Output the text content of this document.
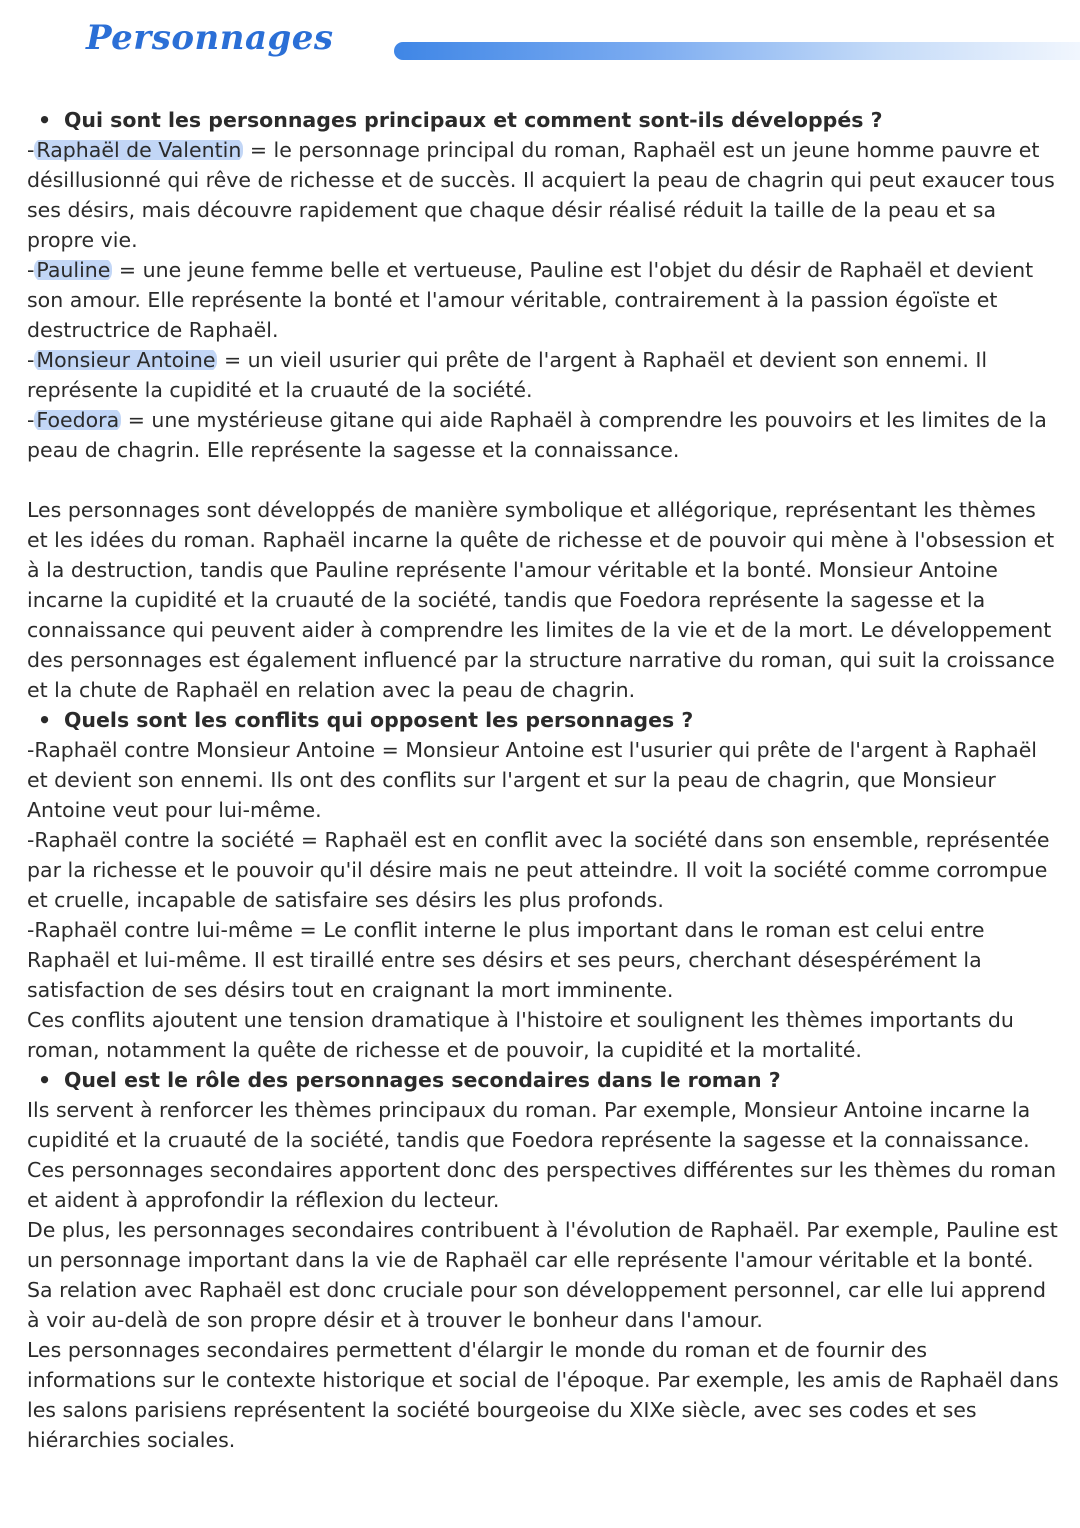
Personnages
• Qui sont les personnages principaux et comment sont-ils développés ?

-Raphaël de Valentin = le personnage principal du roman, Raphaël est un jeune homme pauvre et désillusionné qui rêve de richesse et de succès. Il acquiert la peau de chagrin qui peut exaucer tous ses désirs, mais découvre rapidement que chaque désir réalisé réduit la taille de la peau et sa propre vie.

-Pauline = une jeune femme belle et vertueuse, Pauline est l'objet du désir de Raphaël et devient son amour. Elle représente la bonté et l'amour véritable, contrairement à la passion égoïste et destructrice de Raphaël.

-Monsieur Antoine = un vieil usurier qui prête de l'argent à Raphaël et devient son ennemi. Il représente la cupidité et la cruauté de la société.

-Foedora = une mystérieuse gitane qui aide Raphaël à comprendre les pouvoirs et les limites de la peau de chagrin. Elle représente la sagesse et la connaissance.

Les personnages sont développés de manière symbolique et allégorique, représentant les thèmes et les idées du roman. Raphaël incarne la quête de richesse et de pouvoir qui mène à l'obsession et à la destruction, tandis que Pauline représente l'amour véritable et la bonté. Monsieur Antoine incarne la cupidité et la cruauté de la société, tandis que Foedora représente la sagesse et la connaissance qui peuvent aider à comprendre les limites de la vie et de la mort. Le développement des personnages est également influencé par la structure narrative du roman, qui suit la croissance et la chute de Raphaël en relation avec la peau de chagrin.

• Quels sont les conflits qui opposent les personnages ?

-Raphaël contre Monsieur Antoine = Monsieur Antoine est l'usurier qui prête de l'argent à Raphaël et devient son ennemi. Ils ont des conflits sur l'argent et sur la peau de chagrin, que Monsieur Antoine veut pour lui-même.

-Raphaël contre la société = Raphaël est en conflit avec la société dans son ensemble, représentée par la richesse et le pouvoir qu'il désire mais ne peut atteindre. Il voit la société comme corrompue et cruelle, incapable de satisfaire ses désirs les plus profonds.

-Raphaël contre lui-même = Le conflit interne le plus important dans le roman est celui entre Raphaël et lui-même. Il est tiraillé entre ses désirs et ses peurs, cherchant désespérément la satisfaction de ses désirs tout en craignant la mort imminente.

Ces conflits ajoutent une tension dramatique à l'histoire et soulignent les thèmes importants du roman, notamment la quête de richesse et de pouvoir, la cupidité et la mortalité.

• Quel est le rôle des personnages secondaires dans le roman ?

Ils servent à renforcer les thèmes principaux du roman. Par exemple, Monsieur Antoine incarne la cupidité et la cruauté de la société, tandis que Foedora représente la sagesse et la connaissance. Ces personnages secondaires apportent donc des perspectives différentes sur les thèmes du roman et aident à approfondir la réflexion du lecteur.

De plus, les personnages secondaires contribuent à l'évolution de Raphaël. Par exemple, Pauline est un personnage important dans la vie de Raphaël car elle représente l'amour véritable et la bonté. Sa relation avec Raphaël est donc cruciale pour son développement personnel, car elle lui apprend à voir au-delà de son propre désir et à trouver le bonheur dans l'amour.

Les personnages secondaires permettent d'élargir le monde du roman et de fournir des informations sur le contexte historique et social de l'époque. Par exemple, les amis de Raphaël dans les salons parisiens représentent la société bourgeoise du XIXe siècle, avec ses codes et ses hiérarchies sociales.
